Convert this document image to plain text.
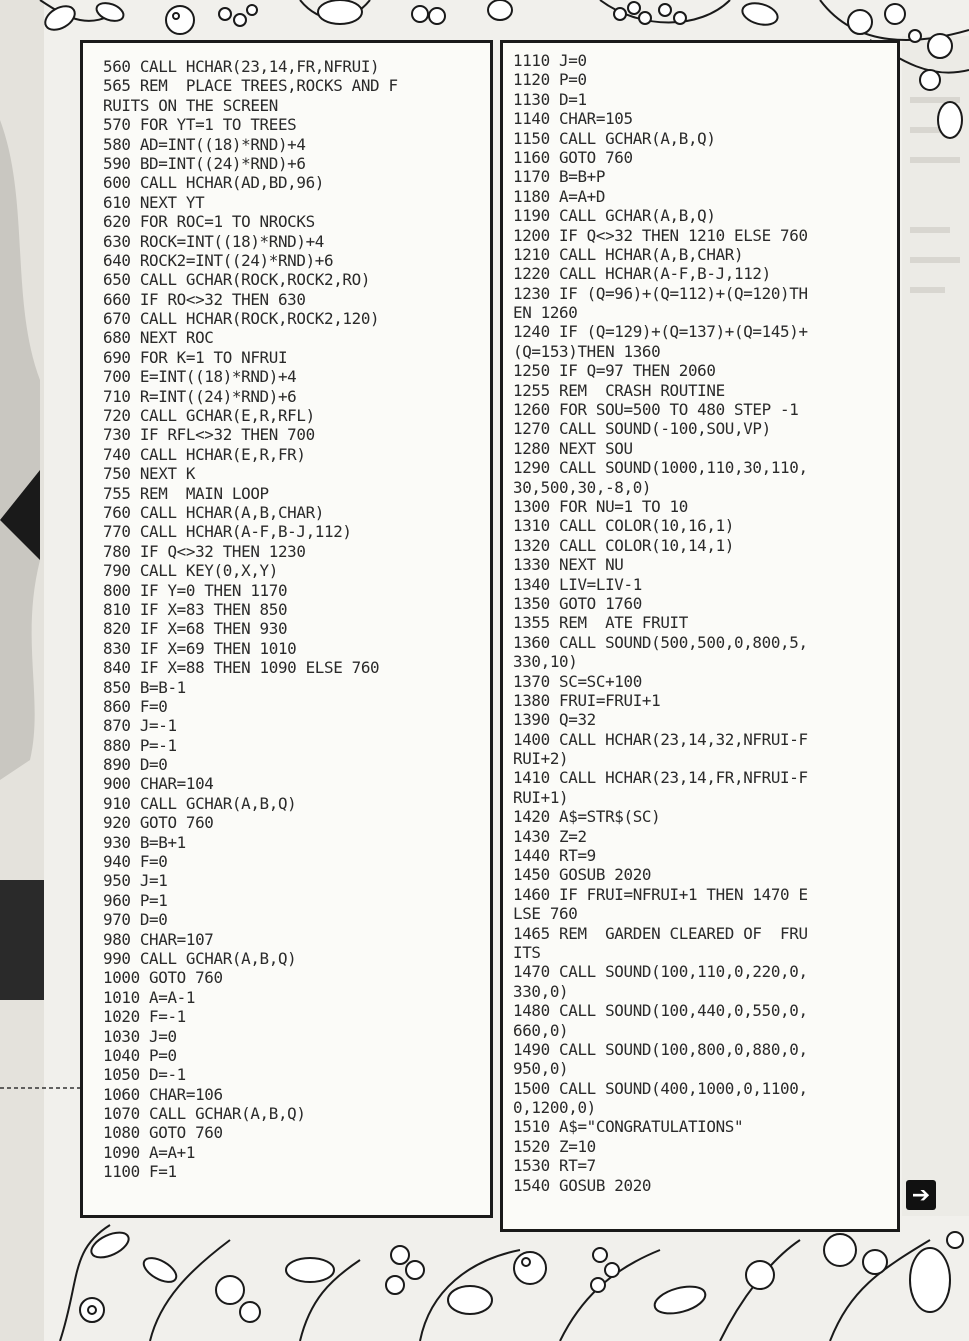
560 CALL HCHAR(23,14,FR,NFRUI)
565 REM  PLACE TREES,ROCKS AND F
RUITS ON THE SCREEN
570 FOR YT=1 TO TREES
580 AD=INT((18)*RND)+4
590 BD=INT((24)*RND)+6
600 CALL HCHAR(AD,BD,96)
610 NEXT YT
620 FOR ROC=1 TO NROCKS
630 ROCK=INT((18)*RND)+4
640 ROCK2=INT((24)*RND)+6
650 CALL GCHAR(ROCK,ROCK2,RO)
660 IF RO<>32 THEN 630
670 CALL HCHAR(ROCK,ROCK2,120)
680 NEXT ROC
690 FOR K=1 TO NFRUI
700 E=INT((18)*RND)+4
710 R=INT((24)*RND)+6
720 CALL GCHAR(E,R,RFL)
730 IF RFL<>32 THEN 700
740 CALL HCHAR(E,R,FR)
750 NEXT K
755 REM  MAIN LOOP
760 CALL HCHAR(A,B,CHAR)
770 CALL HCHAR(A-F,B-J,112)
780 IF Q<>32 THEN 1230
790 CALL KEY(0,X,Y)
800 IF Y=0 THEN 1170
810 IF X=83 THEN 850
820 IF X=68 THEN 930
830 IF X=69 THEN 1010
840 IF X=88 THEN 1090 ELSE 760
850 B=B-1
860 F=0
870 J=-1
880 P=-1
890 D=0
900 CHAR=104
910 CALL GCHAR(A,B,Q)
920 GOTO 760
930 B=B+1
940 F=0
950 J=1
960 P=1
970 D=0
980 CHAR=107
990 CALL GCHAR(A,B,Q)
1000 GOTO 760
1010 A=A-1
1020 F=-1
1030 J=0
1040 P=0
1050 D=-1
1060 CHAR=106
1070 CALL GCHAR(A,B,Q)
1080 GOTO 760
1090 A=A+1
1100 F=1
1110 J=0
1120 P=0
1130 D=1
1140 CHAR=105
1150 CALL GCHAR(A,B,Q)
1160 GOTO 760
1170 B=B+P
1180 A=A+D
1190 CALL GCHAR(A,B,Q)
1200 IF Q<>32 THEN 1210 ELSE 760
1210 CALL HCHAR(A,B,CHAR)
1220 CALL HCHAR(A-F,B-J,112)
1230 IF (Q=96)+(Q=112)+(Q=120)TH
EN 1260
1240 IF (Q=129)+(Q=137)+(Q=145)+
(Q=153)THEN 1360
1250 IF Q=97 THEN 2060
1255 REM  CRASH ROUTINE
1260 FOR SOU=500 TO 480 STEP -1
1270 CALL SOUND(-100,SOU,VP)
1280 NEXT SOU
1290 CALL SOUND(1000,110,30,110,
30,500,30,-8,0)
1300 FOR NU=1 TO 10
1310 CALL COLOR(10,16,1)
1320 CALL COLOR(10,14,1)
1330 NEXT NU
1340 LIV=LIV-1
1350 GOTO 1760
1355 REM  ATE FRUIT
1360 CALL SOUND(500,500,0,800,5,
330,10)
1370 SC=SC+100
1380 FRUI=FRUI+1
1390 Q=32
1400 CALL HCHAR(23,14,32,NFRUI-F
RUI+2)
1410 CALL HCHAR(23,14,FR,NFRUI-F
RUI+1)
1420 A$=STR$(SC)
1430 Z=2
1440 RT=9
1450 GOSUB 2020
1460 IF FRUI=NFRUI+1 THEN 1470 E
LSE 760
1465 REM  GARDEN CLEARED OF  FRU
ITS
1470 CALL SOUND(100,110,0,220,0,
330,0)
1480 CALL SOUND(100,440,0,550,0,
660,0)
1490 CALL SOUND(100,800,0,880,0,
950,0)
1500 CALL SOUND(400,1000,0,1100,
0,1200,0)
1510 A$="CONGRATULATIONS"
1520 Z=10
1530 RT=7
1540 GOSUB 2020	➔
